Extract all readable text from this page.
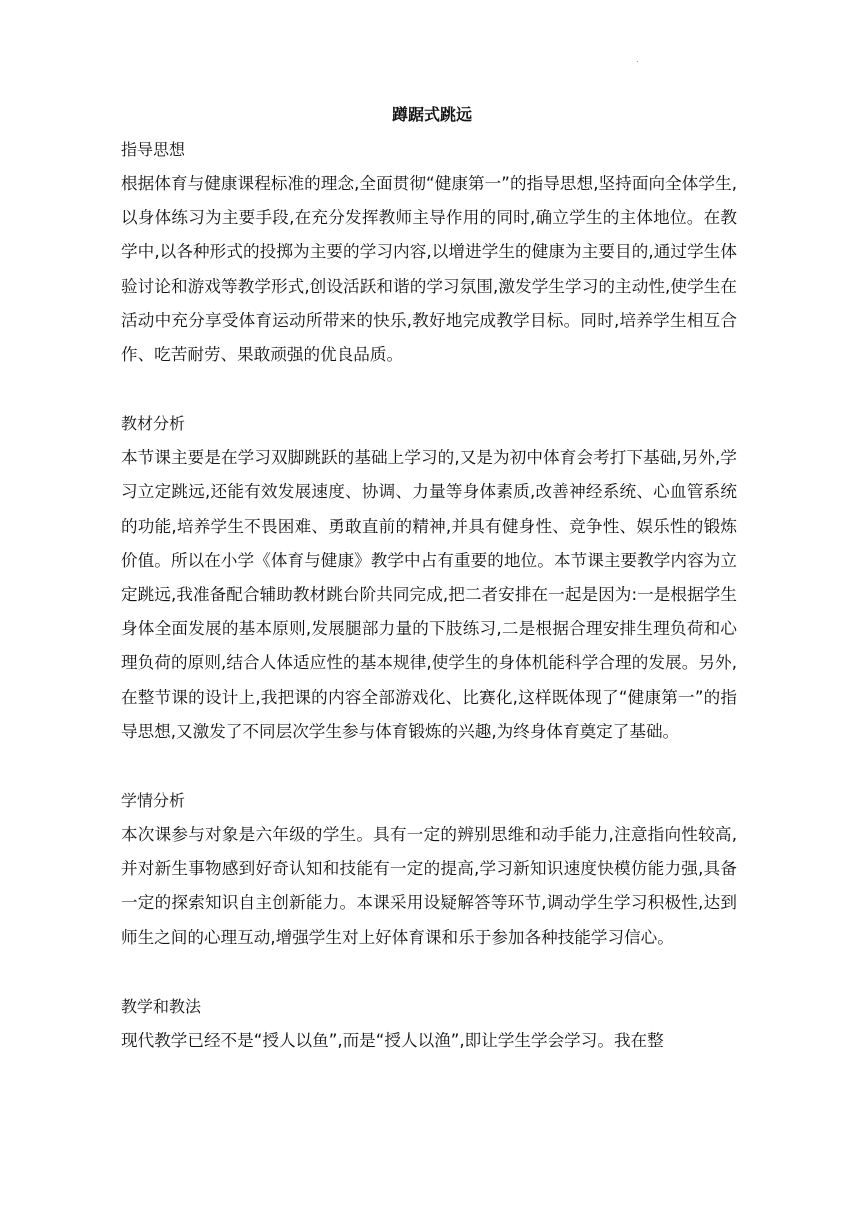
.
蹲踞式跳远
指导思想

根据体育与健康课程标准的理念,全面贯彻“健康第一”的指导思想,坚持面向全体学生,以身体练习为主要手段,在充分发挥教师主导作用的同时,确立学生的主体地位。在教学中,以各种形式的投掷为主要的学习内容,以增进学生的健康为主要目的,通过学生体验讨论和游戏等教学形式,创设活跃和谐的学习氛围,激发学生学习的主动性,使学生在活动中充分享受体育运动所带来的快乐,教好地完成教学目标。同时,培养学生相互合作、吃苦耐劳、果敢顽强的优良品质。

教材分析

本节课主要是在学习双脚跳跃的基础上学习的,又是为初中体育会考打下基础,另外,学习立定跳远,还能有效发展速度、协调、力量等身体素质,改善神经系统、心血管系统的功能,培养学生不畏困难、勇敢直前的精神,并具有健身性、竞争性、娱乐性的锻炼价值。所以在小学《体育与健康》教学中占有重要的地位。本节课主要教学内容为立定跳远,我准备配合辅助教材跳台阶共同完成,把二者安排在一起是因为:一是根据学生身体全面发展的基本原则,发展腿部力量的下肢练习,二是根据合理安排生理负荷和心理负荷的原则,结合人体适应性的基本规律,使学生的身体机能科学合理的发展。另外,在整节课的设计上,我把课的内容全部游戏化、比赛化,这样既体现了“健康第一”的指导思想,又激发了不同层次学生参与体育锻炼的兴趣,为终身体育奠定了基础。

学情分析

本次课参与对象是六年级的学生。具有一定的辨别思维和动手能力,注意指向性较高,并对新生事物感到好奇认知和技能有一定的提高,学习新知识速度快模仿能力强,具备一定的探索知识自主创新能力。本课采用设疑解答等环节,调动学生学习积极性,达到师生之间的心理互动,增强学生对上好体育课和乐于参加各种技能学习信心。

教学和教法

现代教学已经不是“授人以鱼”,而是“授人以渔”,即让学生学会学习。我在整
